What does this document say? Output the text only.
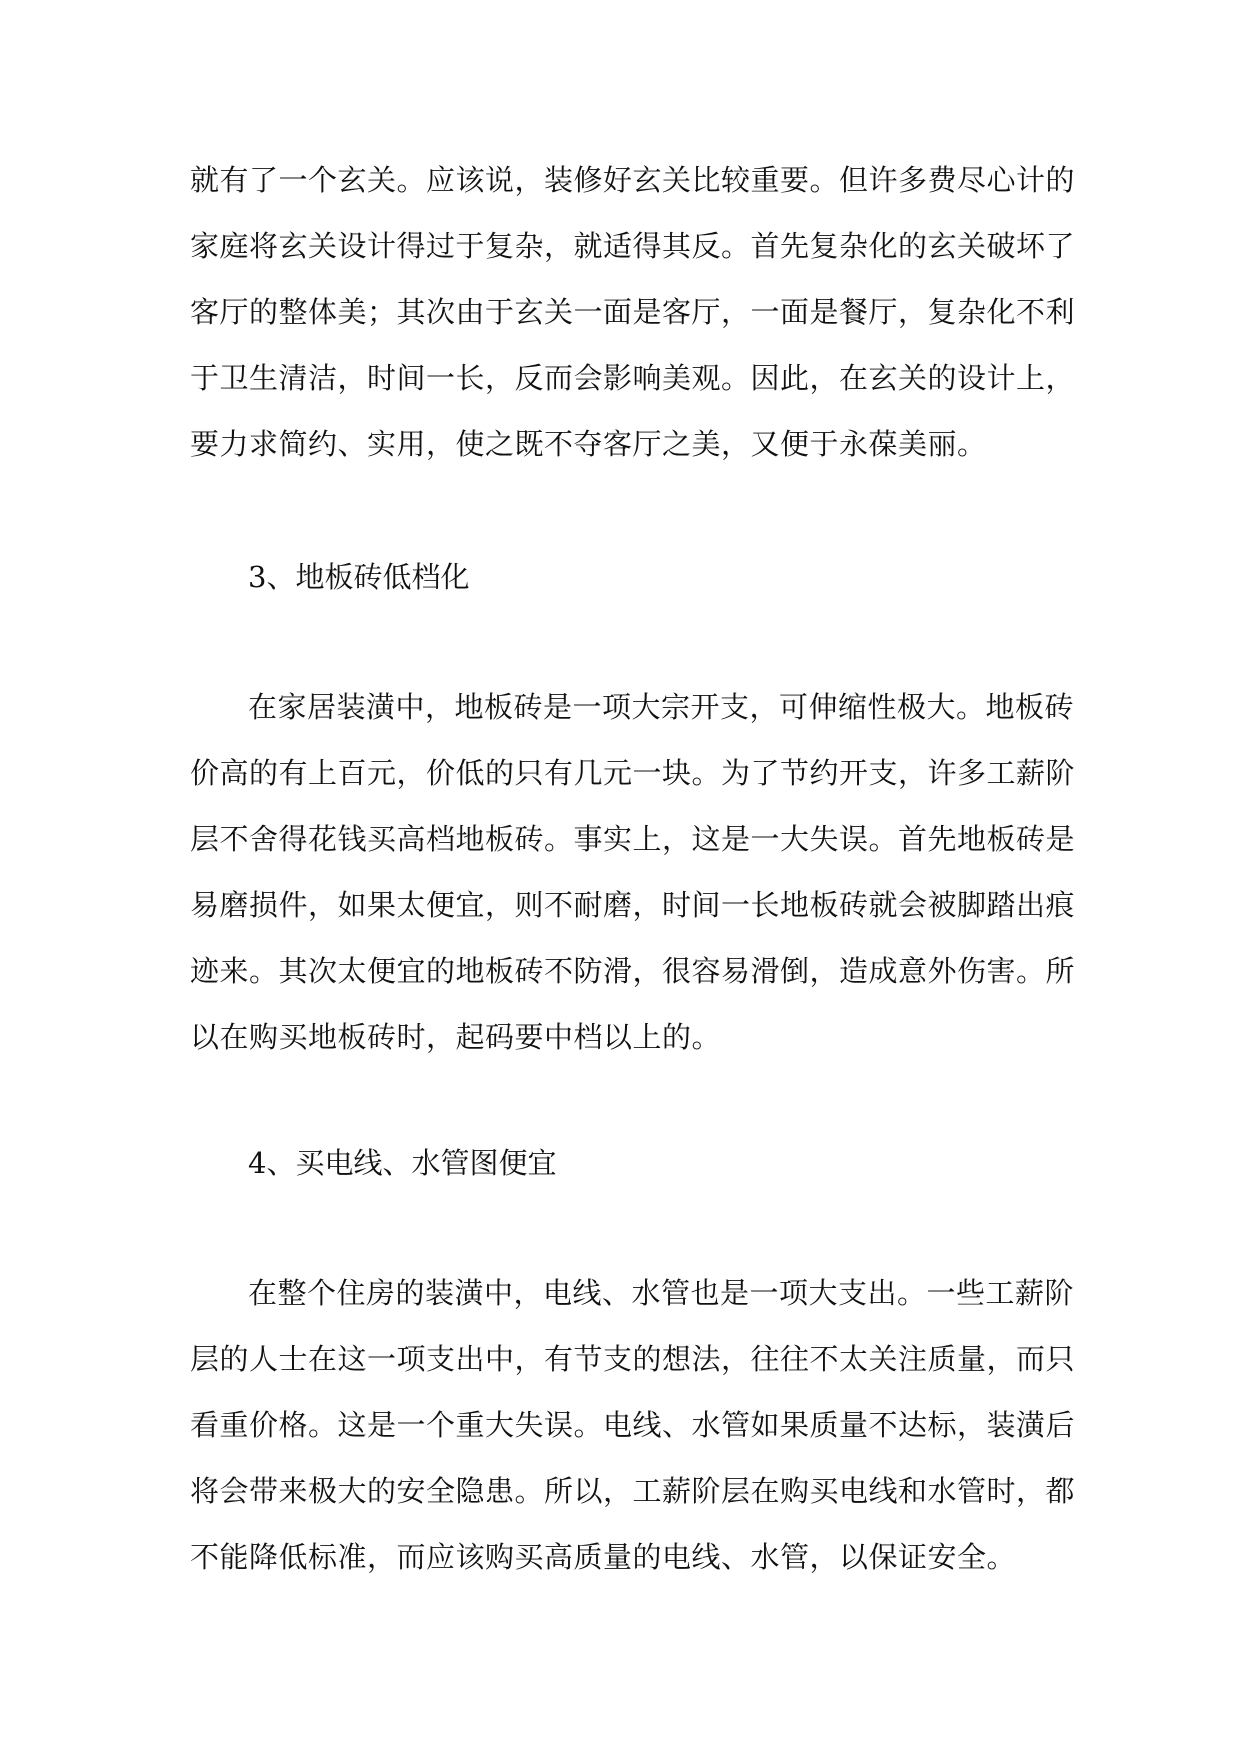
就有了一个玄关。应该说，装修好玄关比较重要。但许多费尽心计的
家庭将玄关设计得过于复杂，就适得其反。首先复杂化的玄关破坏了
客厅的整体美；其次由于玄关一面是客厅，一面是餐厅，复杂化不利
于卫生清洁，时间一长，反而会影响美观。因此，在玄关的设计上，
要力求简约、实用，使之既不夺客厅之美，又便于永葆美丽。
3、地板砖低档化
在家居装潢中，地板砖是一项大宗开支，可伸缩性极大。地板砖
价高的有上百元，价低的只有几元一块。为了节约开支，许多工薪阶
层不舍得花钱买高档地板砖。事实上，这是一大失误。首先地板砖是
易磨损件，如果太便宜，则不耐磨，时间一长地板砖就会被脚踏出痕
迹来。其次太便宜的地板砖不防滑，很容易滑倒，造成意外伤害。所
以在购买地板砖时，起码要中档以上的。
4、买电线、水管图便宜
在整个住房的装潢中，电线、水管也是一项大支出。一些工薪阶
层的人士在这一项支出中，有节支的想法，往往不太关注质量，而只
看重价格。这是一个重大失误。电线、水管如果质量不达标，装潢后
将会带来极大的安全隐患。所以，工薪阶层在购买电线和水管时，都
不能降低标准，而应该购买高质量的电线、水管，以保证安全。
